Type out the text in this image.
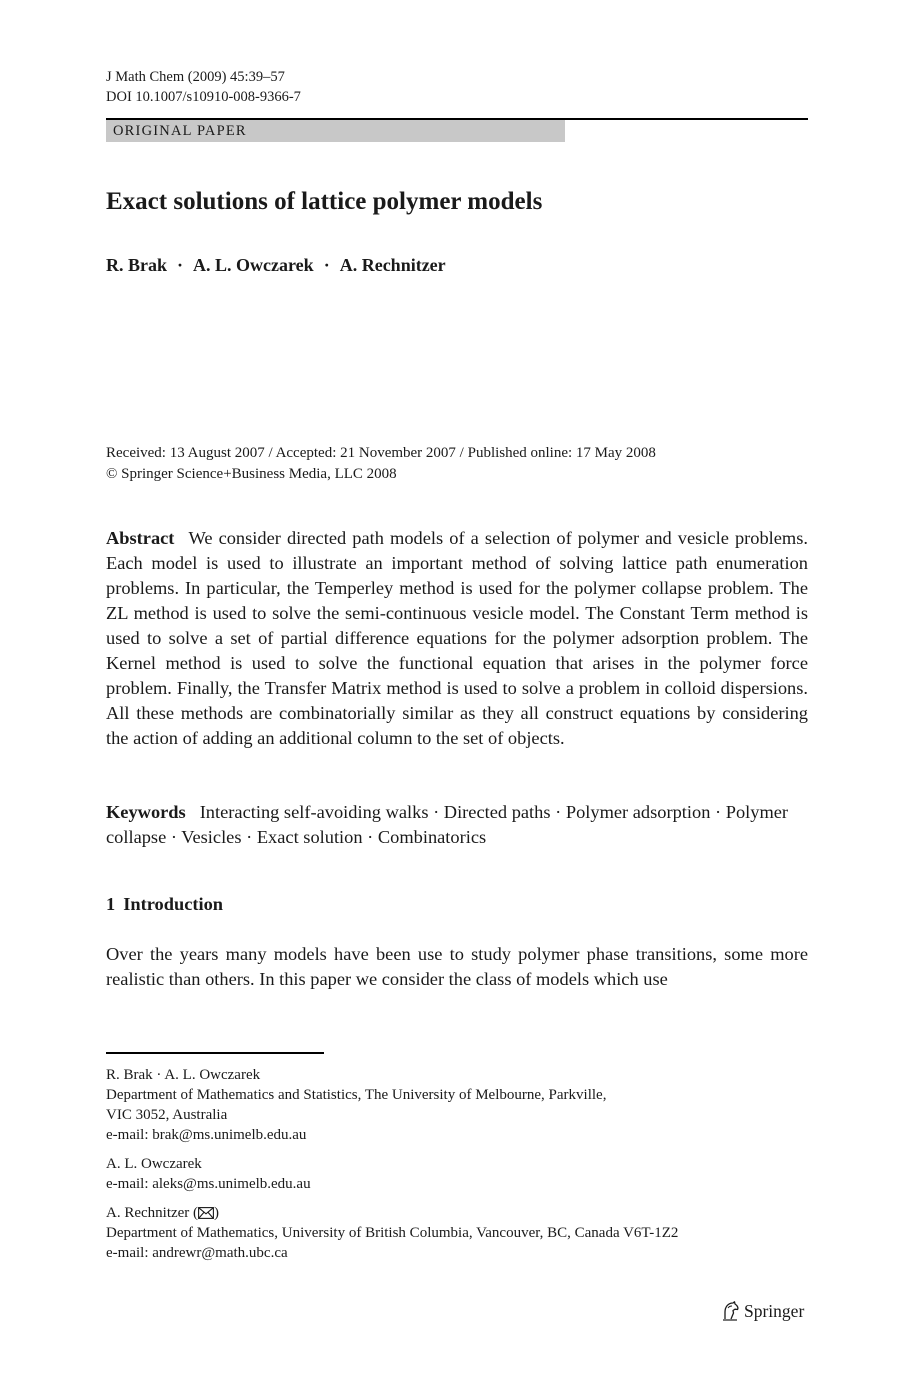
J Math Chem (2009) 45:39–57
DOI 10.1007/s10910-008-9366-7
ORIGINAL PAPER
Exact solutions of lattice polymer models
R. Brak · A. L. Owczarek · A. Rechnitzer
Received: 13 August 2007 / Accepted: 21 November 2007 / Published online: 17 May 2008
© Springer Science+Business Media, LLC 2008

Abstract We consider directed path models of a selection of polymer and vesicle problems. Each model is used to illustrate an important method of solving lattice path enumeration problems. In particular, the Temperley method is used for the polymer collapse problem. The ZL method is used to solve the semi-continuous vesicle model. The Constant Term method is used to solve a set of partial difference equations for the polymer adsorption problem. The Kernel method is used to solve the functional equation that arises in the polymer force problem. Finally, the Transfer Matrix method is used to solve a problem in colloid dispersions. All these methods are combinatorially similar as they all construct equations by considering the action of adding an additional column to the set of objects.

Keywords Interacting self-avoiding walks · Directed paths · Polymer adsorption · Polymer collapse · Vesicles · Exact solution · Combinatorics

1 Introduction

Over the years many models have been use to study polymer phase transitions, some more realistic than others. In this paper we consider the class of models which use

R. Brak · A. L. Owczarek
Department of Mathematics and Statistics, The University of Melbourne, Parkville,
VIC 3052, Australia
e-mail: brak@ms.unimelb.edu.au
A. L. Owczarek
e-mail: aleks@ms.unimelb.edu.au
A. Rechnitzer ( )
Department of Mathematics, University of British Columbia, Vancouver, BC, Canada V6T-1Z2
e-mail: andrewr@math.ubc.ca
Springer
